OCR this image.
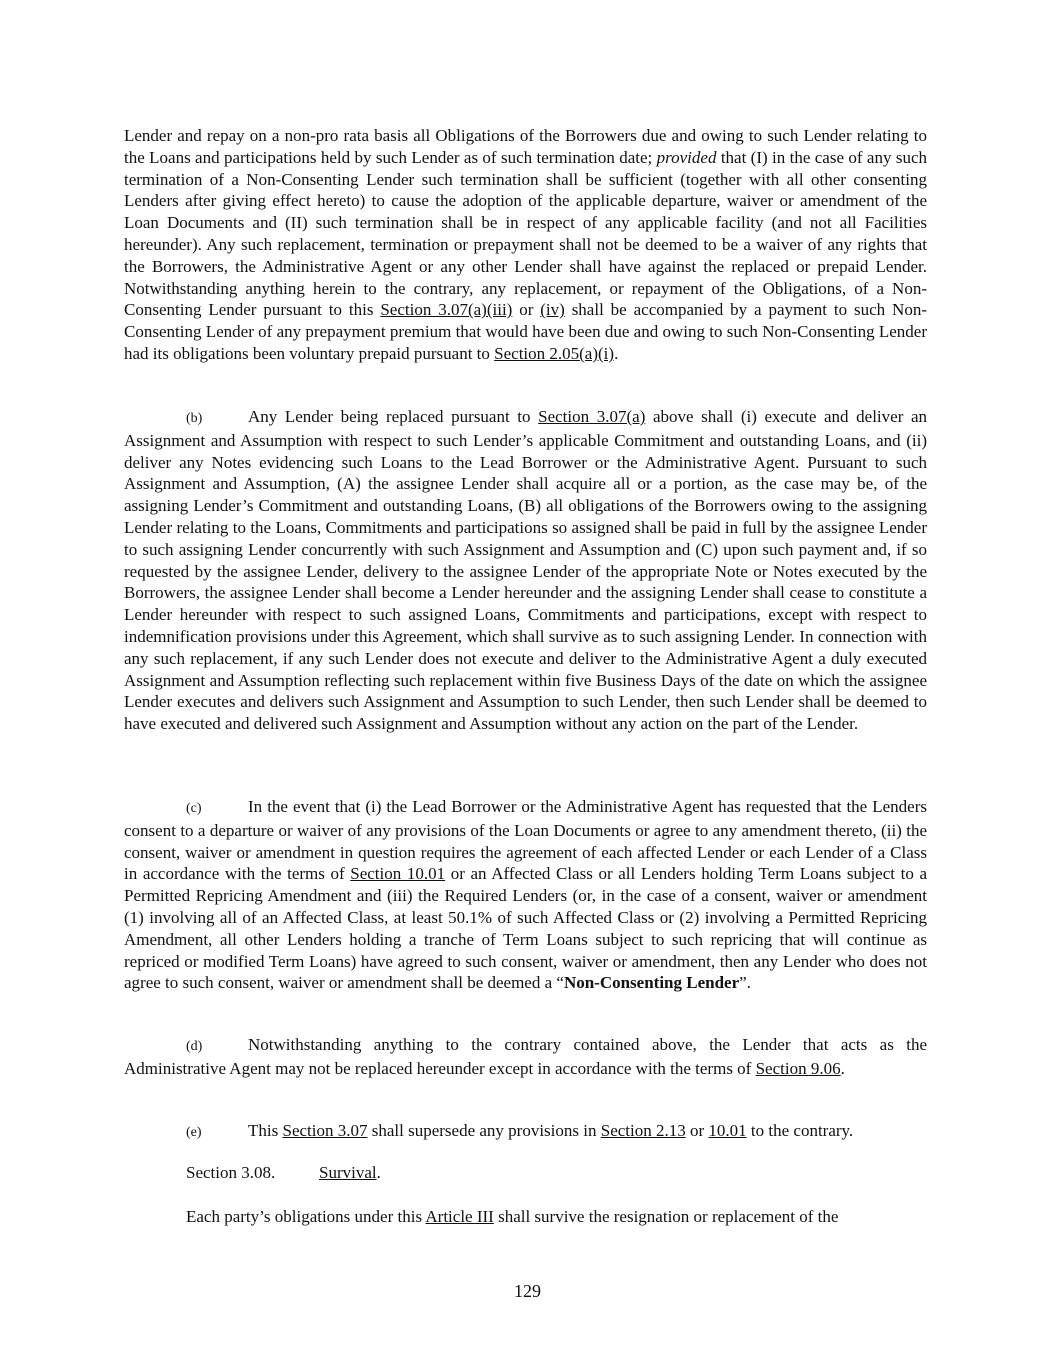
Lender and repay on a non-pro rata basis all Obligations of the Borrowers due and owing to such Lender relating to the Loans and participations held by such Lender as of such termination date; provided that (I) in the case of any such termination of a Non-Consenting Lender such termination shall be sufficient (together with all other consenting Lenders after giving effect hereto) to cause the adoption of the applicable departure, waiver or amendment of the Loan Documents and (II) such termination shall be in respect of any applicable facility (and not all Facilities hereunder). Any such replacement, termination or prepayment shall not be deemed to be a waiver of any rights that the Borrowers, the Administrative Agent or any other Lender shall have against the replaced or prepaid Lender. Notwithstanding anything herein to the contrary, any replacement, or repayment of the Obligations, of a Non-Consenting Lender pursuant to this Section 3.07(a)(iii) or (iv) shall be accompanied by a payment to such Non-Consenting Lender of any prepayment premium that would have been due and owing to such Non-Consenting Lender had its obligations been voluntary prepaid pursuant to Section 2.05(a)(i).

(b)	Any Lender being replaced pursuant to Section 3.07(a) above shall (i) execute and deliver an Assignment and Assumption with respect to such Lender’s applicable Commitment and outstanding Loans, and (ii) deliver any Notes evidencing such Loans to the Lead Borrower or the Administrative Agent. Pursuant to such Assignment and Assumption, (A) the assignee Lender shall acquire all or a portion, as the case may be, of the assigning Lender’s Commitment and outstanding Loans, (B) all obligations of the Borrowers owing to the assigning Lender relating to the Loans, Commitments and participations so assigned shall be paid in full by the assignee Lender to such assigning Lender concurrently with such Assignment and Assumption and (C) upon such payment and, if so requested by the assignee Lender, delivery to the assignee Lender of the appropriate Note or Notes executed by the Borrowers, the assignee Lender shall become a Lender hereunder and the assigning Lender shall cease to constitute a Lender hereunder with respect to such assigned Loans, Commitments and participations, except with respect to indemnification provisions under this Agreement, which shall survive as to such assigning Lender. In connection with any such replacement, if any such Lender does not execute and deliver to the Administrative Agent a duly executed Assignment and Assumption reflecting such replacement within five Business Days of the date on which the assignee Lender executes and delivers such Assignment and Assumption to such Lender, then such Lender shall be deemed to have executed and delivered such Assignment and Assumption without any action on the part of the Lender.

(c)	In the event that (i) the Lead Borrower or the Administrative Agent has requested that the Lenders consent to a departure or waiver of any provisions of the Loan Documents or agree to any amendment thereto, (ii) the consent, waiver or amendment in question requires the agreement of each affected Lender or each Lender of a Class in accordance with the terms of Section 10.01 or an Affected Class or all Lenders holding Term Loans subject to a Permitted Repricing Amendment and (iii) the Required Lenders (or, in the case of a consent, waiver or amendment (1) involving all of an Affected Class, at least 50.1% of such Affected Class or (2) involving a Permitted Repricing Amendment, all other Lenders holding a tranche of Term Loans subject to such repricing that will continue as repriced or modified Term Loans) have agreed to such consent, waiver or amendment, then any Lender who does not agree to such consent, waiver or amendment shall be deemed a “Non-Consenting Lender”.

(d)	Notwithstanding anything to the contrary contained above, the Lender that acts as the Administrative Agent may not be replaced hereunder except in accordance with the terms of Section 9.06.

(e)	This Section 3.07 shall supersede any provisions in Section 2.13 or 10.01 to the contrary.

Section 3.08.	Survival.

Each party’s obligations under this Article III shall survive the resignation or replacement of the

129
